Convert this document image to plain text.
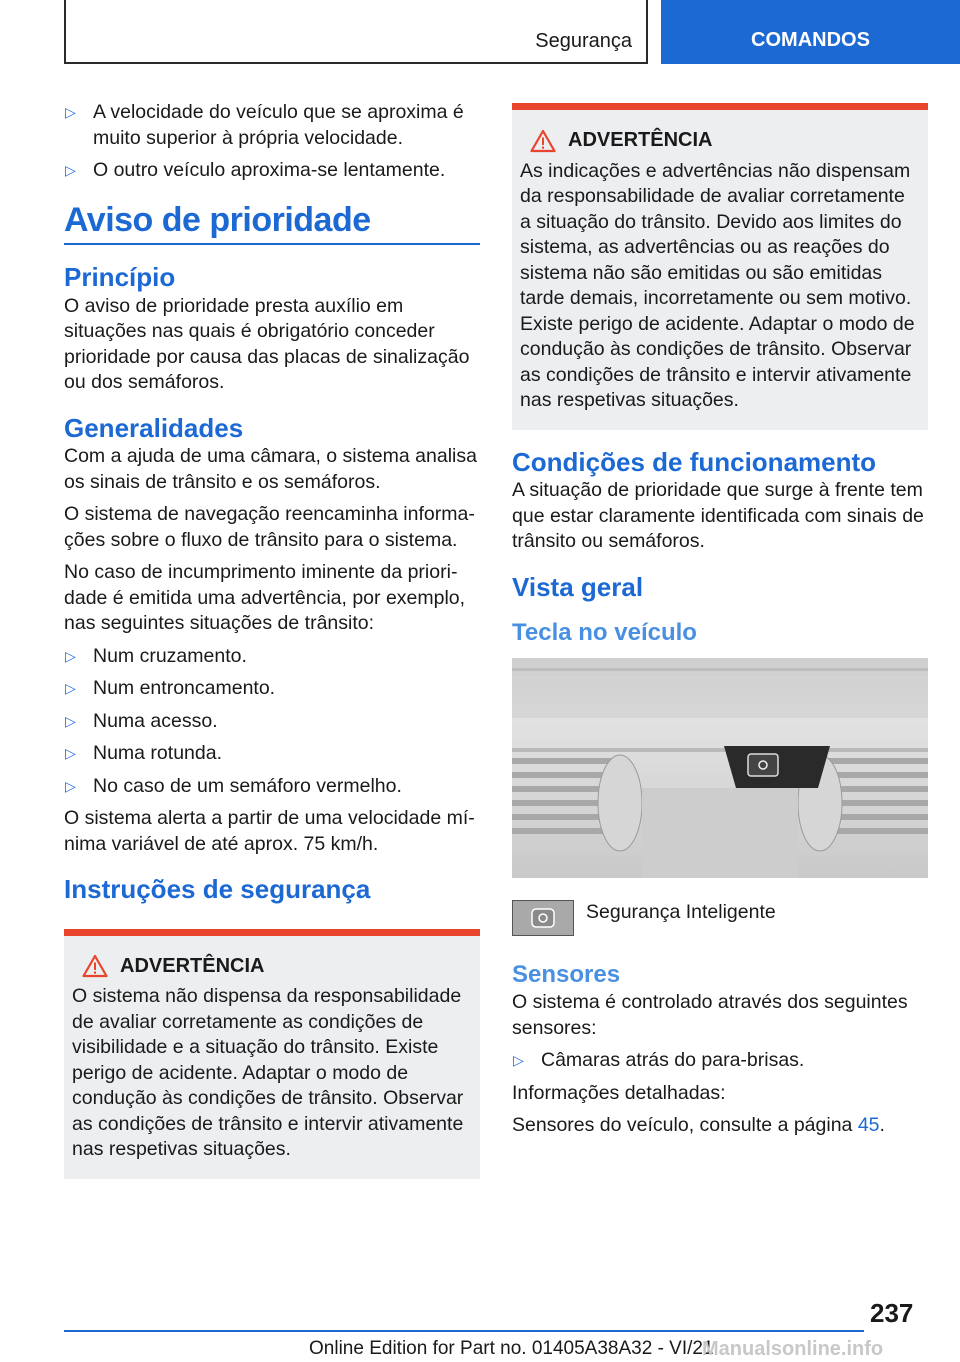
Segurança	COMANDOS
▷ A velocidade do veículo que se aproxima é muito superior à própria velocidade.
▷ O outro veículo aproxima-se lentamente.
Aviso de prioridade
Princípio

O aviso de prioridade presta auxílio em situações nas quais é obrigatório conceder prioridade por causa das placas de sinalização ou dos semáforos.

Generalidades

Com a ajuda de uma câmara, o sistema analisa os sinais de trânsito e os semáforos.

O sistema de navegação reencaminha informações sobre o fluxo de trânsito para o sistema.

No caso de incumprimento iminente da prioridade é emitida uma advertência, por exemplo, nas seguintes situações de trânsito:

▷ Num cruzamento.
▷ Num entroncamento.
▷ Numa acesso.
▷ Numa rotunda.
▷ No caso de um semáforo vermelho.

O sistema alerta a partir de uma velocidade mínima variável de até aprox. 75 km/h.

Instruções de segurança
ADVERTÊNCIA

O sistema não dispensa da responsabilidade de avaliar corretamente as condições de visibilidade e a situação do trânsito. Existe perigo de acidente. Adaptar o modo de condução às condições de trânsito. Observar as condições de trânsito e intervir ativamente nas respetivas situações.

ADVERTÊNCIA

As indicações e advertências não dispensam da responsabilidade de avaliar corretamente a situação do trânsito. Devido aos limites do sistema, as advertências ou as reações do sistema não são emitidas ou são emitidas tarde demais, incorretamente ou sem motivo. Existe perigo de acidente. Adaptar o modo de condução às condições de trânsito. Observar as condições de trânsito e intervir ativamente nas respetivas situações.

Condições de funcionamento

A situação de prioridade que surge à frente tem que estar claramente identificada com sinais de trânsito ou semáforos.

Vista geral
Tecla no veículo
Segurança Inteligente
Sensores

O sistema é controlado através dos seguintes sensores:

▷ Câmaras atrás do para-brisas.

Informações detalhadas:

Sensores do veículo, consulte a página 45.

237
Online Edition for Part no. 01405A38A32 - VI/21
Manualsonline.info
